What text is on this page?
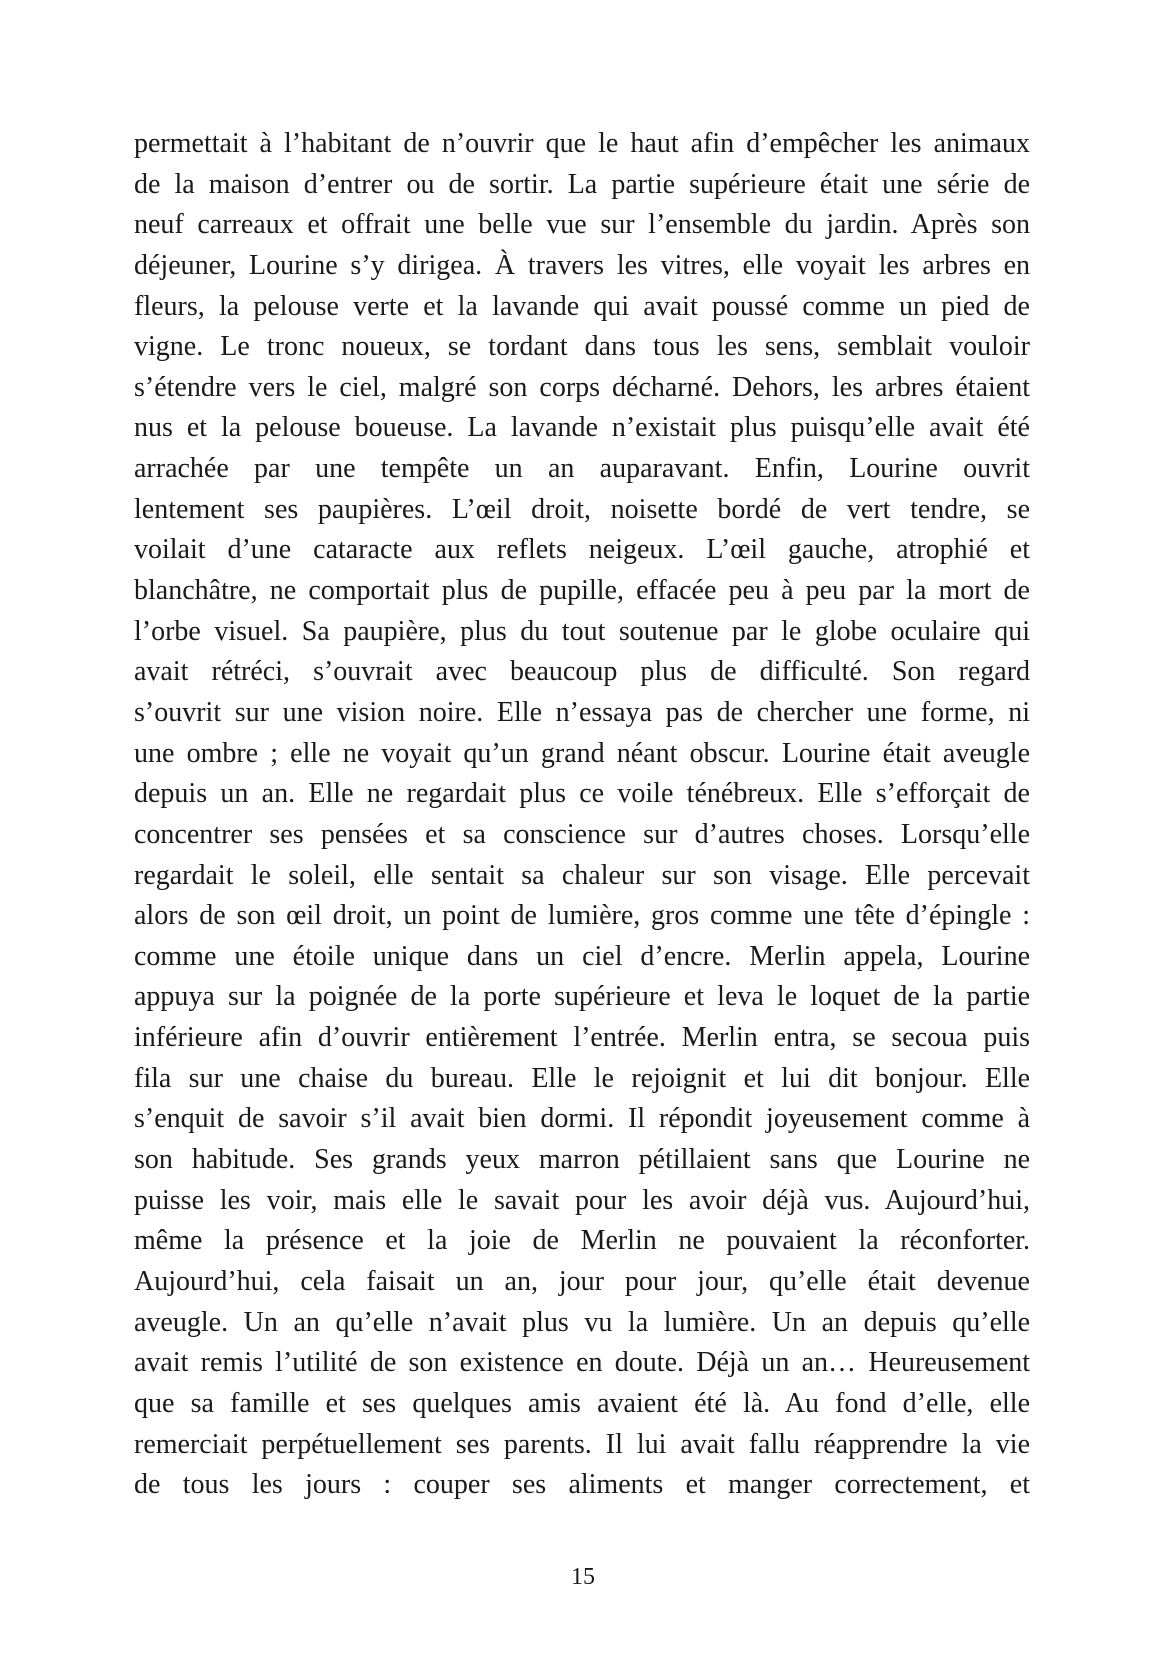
permettait à l’habitant de n’ouvrir que le haut afin d’empêcher les animaux
de la maison d’entrer ou de sortir. La partie supérieure était une série de
neuf carreaux et offrait une belle vue sur l’ensemble du jardin. Après son
déjeuner, Lourine s’y dirigea. À travers les vitres, elle voyait les arbres en
fleurs, la pelouse verte et la lavande qui avait poussé comme un pied de
vigne. Le tronc noueux, se tordant dans tous les sens, semblait vouloir
s’étendre vers le ciel, malgré son corps décharné. Dehors, les arbres étaient
nus et la pelouse boueuse. La lavande n’existait plus puisqu’elle avait été
arrachée par une tempête un an auparavant. Enfin, Lourine ouvrit
lentement ses paupières. L’œil droit, noisette bordé de vert tendre, se
voilait d’une cataracte aux reflets neigeux. L’œil gauche, atrophié et
blanchâtre, ne comportait plus de pupille, effacée peu à peu par la mort de
l’orbe visuel. Sa paupière, plus du tout soutenue par le globe oculaire qui
avait rétréci, s’ouvrait avec beaucoup plus de difficulté. Son regard
s’ouvrit sur une vision noire. Elle n’essaya pas de chercher une forme, ni
une ombre ; elle ne voyait qu’un grand néant obscur. Lourine était aveugle
depuis un an. Elle ne regardait plus ce voile ténébreux. Elle s’efforçait de
concentrer ses pensées et sa conscience sur d’autres choses. Lorsqu’elle
regardait le soleil, elle sentait sa chaleur sur son visage. Elle percevait
alors de son œil droit, un point de lumière, gros comme une tête d’épingle :
comme une étoile unique dans un ciel d’encre. Merlin appela, Lourine
appuya sur la poignée de la porte supérieure et leva le loquet de la partie
inférieure afin d’ouvrir entièrement l’entrée. Merlin entra, se secoua puis
fila sur une chaise du bureau. Elle le rejoignit et lui dit bonjour. Elle
s’enquit de savoir s’il avait bien dormi. Il répondit joyeusement comme à
son habitude. Ses grands yeux marron pétillaient sans que Lourine ne
puisse les voir, mais elle le savait pour les avoir déjà vus. Aujourd’hui,
même la présence et la joie de Merlin ne pouvaient la réconforter.
Aujourd’hui, cela faisait un an, jour pour jour, qu’elle était devenue
aveugle. Un an qu’elle n’avait plus vu la lumière. Un an depuis qu’elle
avait remis l’utilité de son existence en doute. Déjà un an… Heureusement
que sa famille et ses quelques amis avaient été là. Au fond d’elle, elle
remerciait perpétuellement ses parents. Il lui avait fallu réapprendre la vie
de tous les jours : couper ses aliments et manger correctement, et
15
